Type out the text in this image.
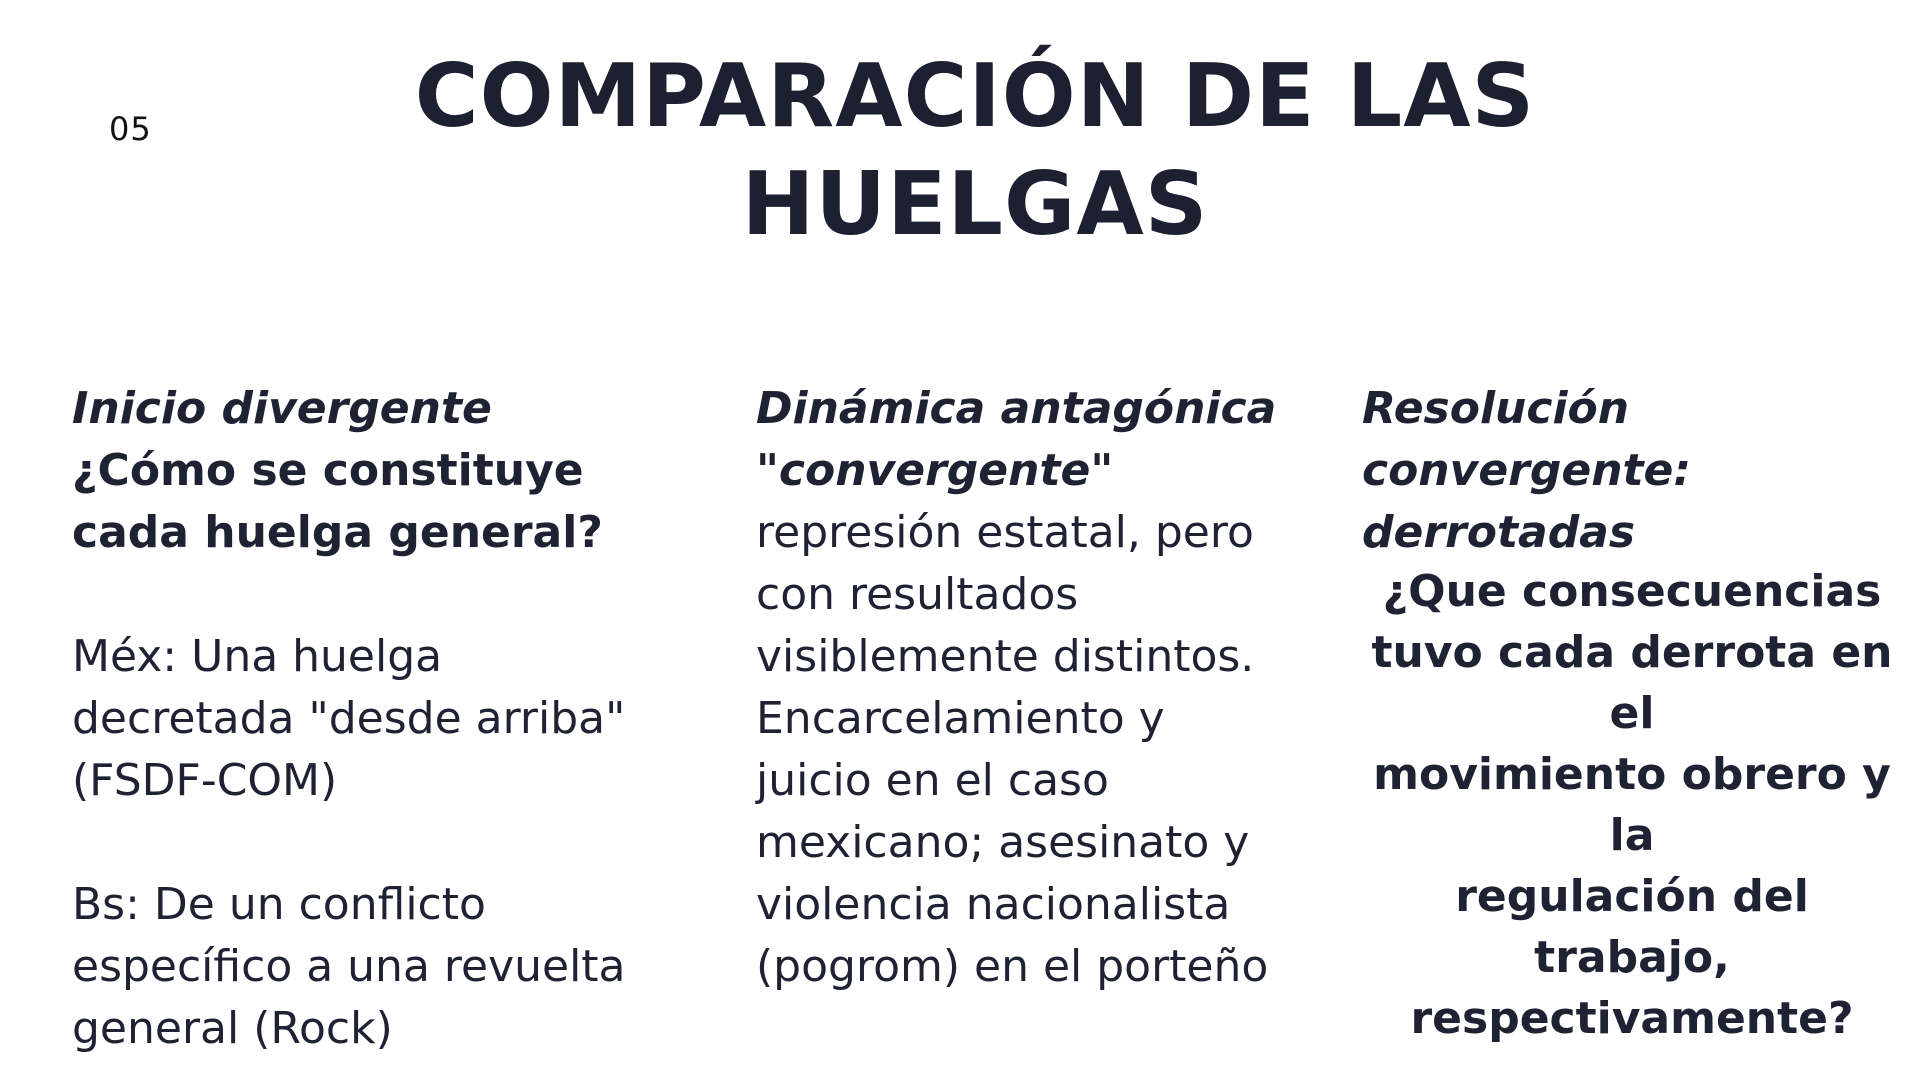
05	COMPARACIÓN DE LAS
HUELGAS
Inicio divergente
¿Cómo se constituye
cada huelga general?
Méx: Una huelga
decretada "desde arriba"
(FSDF-COM)
Bs: De un conflicto
específico a una revuelta
general (Rock)
Dinámica antagónica
"convergente"
represión estatal, pero
con resultados
visiblemente distintos.
Encarcelamiento y
juicio en el caso
mexicano; asesinato y
violencia nacionalista
(pogrom) en el porteño
Resolución convergente:
derrotadas
¿Que consecuencias
tuvo cada derrota en el
movimiento obrero y la
regulación del trabajo,
respectivamente?
